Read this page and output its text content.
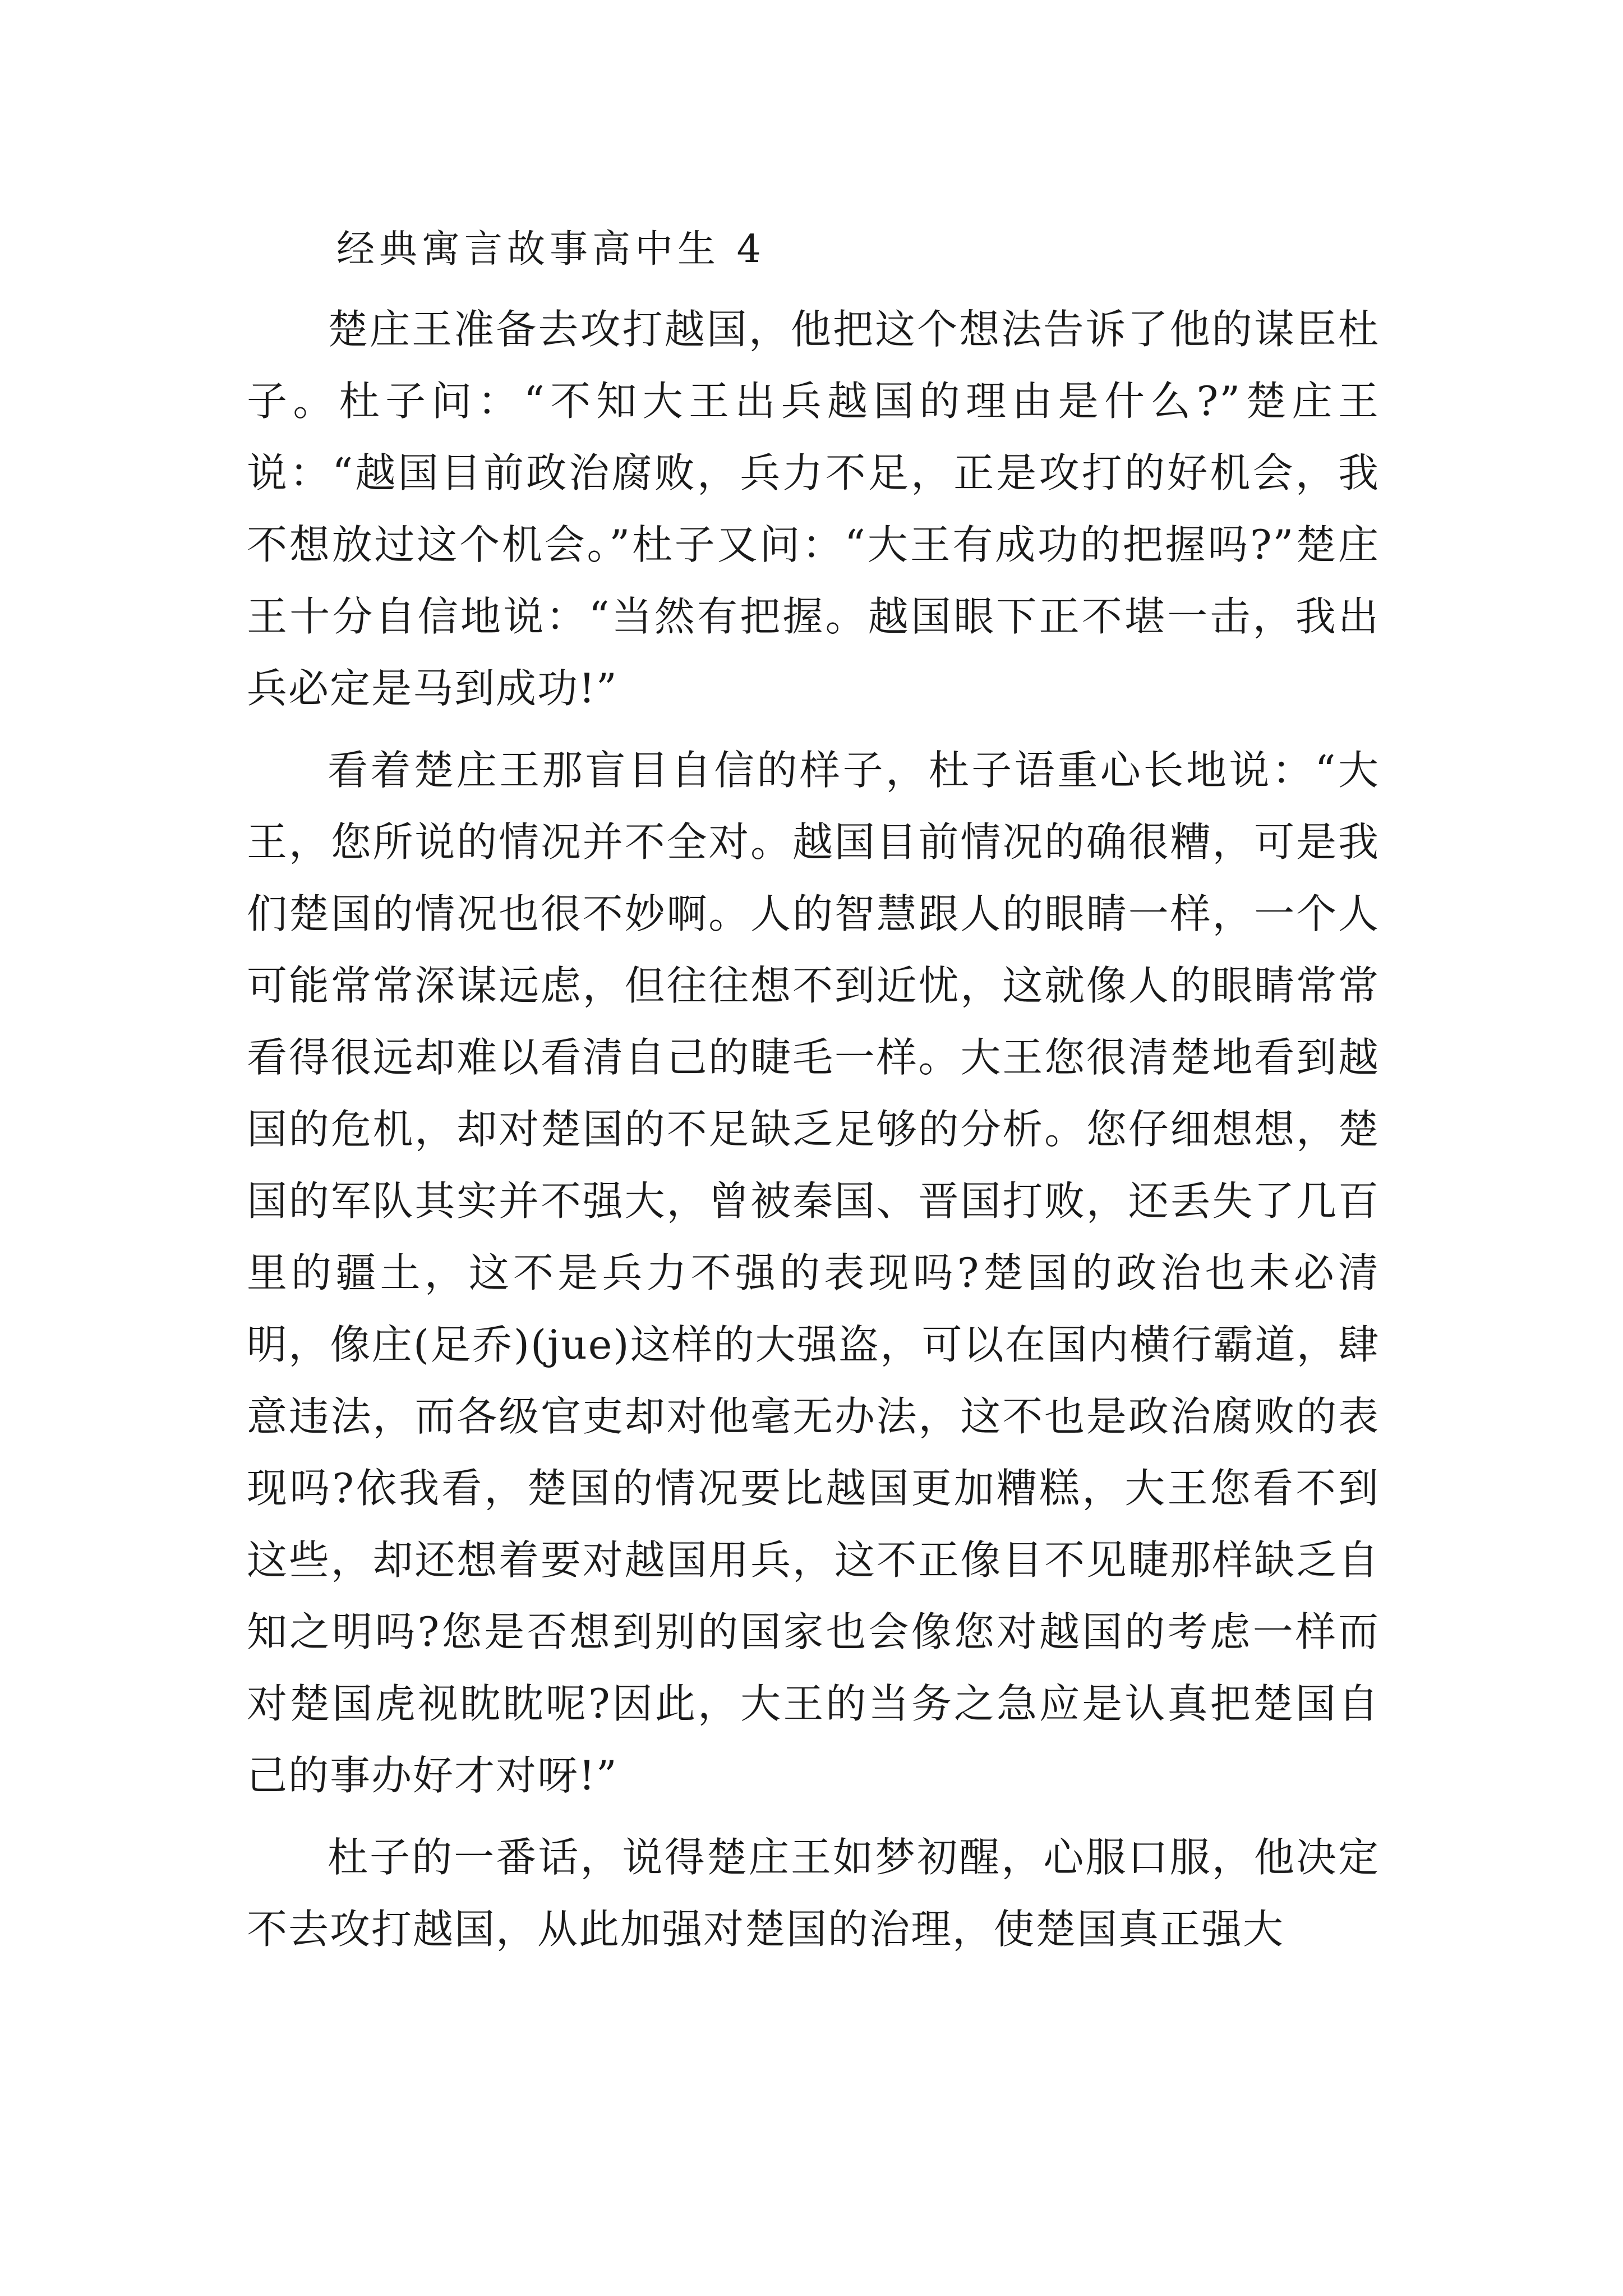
经典寓言故事高中生 4

楚庄王准备去攻打越国，他把这个想法告诉了他的谋臣杜子。杜子问：“不知大王出兵越国的理由是什么?”楚庄王说：“越国目前政治腐败，兵力不足，正是攻打的好机会，我不想放过这个机会。”杜子又问：“大王有成功的把握吗?”楚庄王十分自信地说：“当然有把握。越国眼下正不堪一击，我出兵必定是马到成功!”

看着楚庄王那盲目自信的样子，杜子语重心长地说：“大王，您所说的情况并不全对。越国目前情况的确很糟，可是我们楚国的情况也很不妙啊。人的智慧跟人的眼睛一样，一个人可能常常深谋远虑，但往往想不到近忧，这就像人的眼睛常常看得很远却难以看清自己的睫毛一样。大王您很清楚地看到越国的危机，却对楚国的不足缺乏足够的分析。您仔细想想，楚国的军队其实并不强大，曾被秦国、晋国打败，还丢失了几百里的疆土，这不是兵力不强的表现吗?楚国的政治也未必清明，像庄(足乔)(jue)这样的大强盗，可以在国内横行霸道，肆意违法，而各级官吏却对他毫无办法，这不也是政治腐败的表现吗?依我看，楚国的情况要比越国更加糟糕，大王您看不到这些，却还想着要对越国用兵，这不正像目不见睫那样缺乏自知之明吗?您是否想到别的国家也会像您对越国的考虑一样而对楚国虎视眈眈呢?因此，大王的当务之急应是认真把楚国自己的事办好才对呀!”

杜子的一番话，说得楚庄王如梦初醒，心服口服，他决定不去攻打越国，从此加强对楚国的治理，使楚国真正强大
